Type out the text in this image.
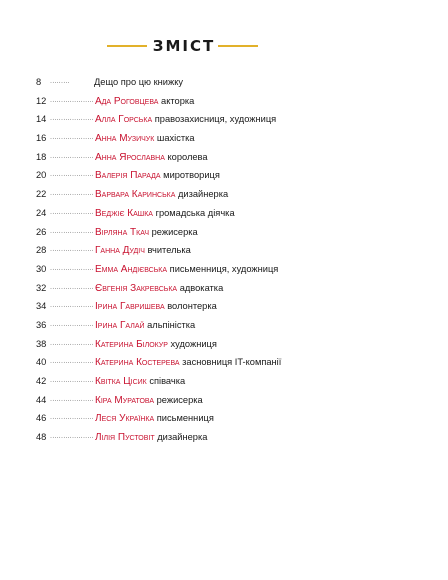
ЗМІСТ
8 ·····	Дещо про цю книжку
12 ·····	Ада Роговцева акторка
14 ·····	Алла Горська правозахисниця, художниця
16 ·····	Анна Музичук шахістка
18 ·····	Анна Ярославна королева
20 ·····	Валерія Парада миротвориця
22 ·····	Варвара Каринська дизайнерка
24 ·····	Веджіє Кашка громадська діячка
26 ·····	Вірляна Ткач режисерка
28 ·····	Ганна Дудіч вчителька
30 ·····	Емма Андієвська письменниця, художниця
32 ·····	Євгенія Закревська адвокатка
34 ·····	Ірина Гавришева волонтерка
36 ·····	Ірина Галай альпіністка
38 ·····	Катерина Білокур художниця
40 ·····	Катерина Костерева засновниця IT-компанії
42 ·····	Квітка Цісик співачка
44 ·····	Кіра Муратова режисерка
46 ·····	Леся Українка письменниця
48 ·····	Лілія Пустовіт дизайнерка
